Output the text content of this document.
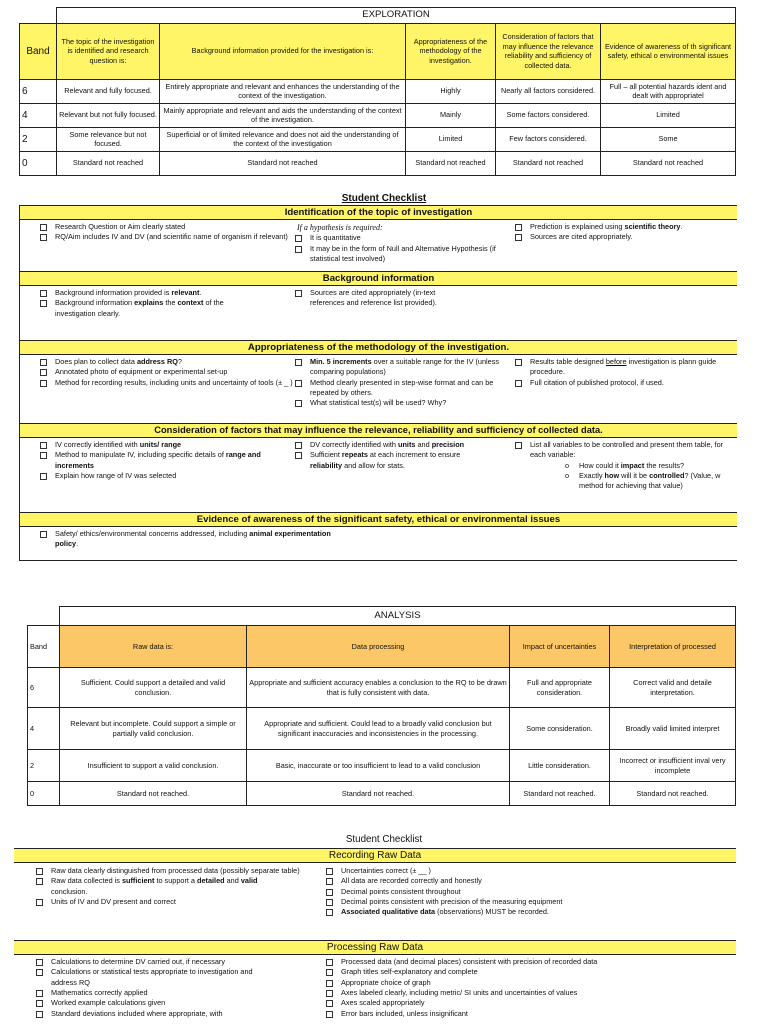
	EXPLORATION				
Band	The topic of the investigation is identified and research question is:	Background information provided for the investigation is:	Appropriateness of the methodology of the investigation.	Consideration of factors that may influence the relevance reliability and sufficiency of collected data.	Evidence of awareness of th significant safety, ethical o environmental issues
6	Relevant and fully focused.	Entirely appropriate and relevant and enhances the understanding of the context of the investigation.	Highly	Nearly all factors considered.	Full – all potential hazards ident and dealt with appropriatel
4	Relevant but not fully focused.	Mainly appropriate and relevant and aids the understanding of the context of the investigation.	Mainly	Some factors considered.	Limited
2	Some relevance but not focused.	Superficial or of limited relevance and does not aid the understanding of the context of the investigation	Limited	Few factors considered.	Some
0	Standard not reached	Standard not reached	Standard not reached	Standard not reached	Standard not reached
Student Checklist
Identification of the topic of investigation
Research Question or Aim clearly stated
RQ/Aim includes IV and DV (and scientific name of organism if relevant)
If a hypothesis is required:
It is quantitative
It may be in the form of Null and Alternative Hypothesis (if statistical test involved)
Prediction is explained using scientific theory.
Sources are cited appropriately.
Background information
Background information provided is relevant.
Background information explains the context of the investigation clearly.
Sources are cited appropriately (in-text references and reference list provided).
Appropriateness of the methodology of the investigation.
Does plan to collect data address RQ?
Annotated photo of equipment or experimental set-up
Method for recording results, including units and uncertainty of tools (± _ )
Min. 5 increments over a suitable range for the IV (unless comparing populations)
Method clearly presented in step-wise format and can be repeated by others.
What statistical test(s) will be used? Why?
Results table designed before investigation is plann guide procedure.
Full citation of published protocol, if used.
Consideration of factors that may influence the relevance, reliability and sufficiency of collected data.
IV correctly identified with units/ range
Method to manipulate IV, including specific details of range and increments
Explain how range of IV was selected
DV correctly identified with units and precision
Sufficient repeats at each increment to ensure reliability and allow for stats.
List all variables to be controlled and present them table, for each variable:
o	How could it impact the results?
o	Exactly how will it be controlled? (Value, w method for achieving that value)
Evidence of awareness of the significant safety, ethical or environmental issues
Safety/ ethics/environmental concerns addressed, including animal experimentation policy.
	ANALYSIS			
Band	Raw data is:	Data processing	Impact of uncertainties	Interpretation of processed
6	Sufficient. Could support a detailed and valid conclusion.	Appropriate and sufficient accuracy enables a conclusion to the RQ to be drawn that is fully consistent with data.	Full and appropriate consideration.	Correct valid and detaile interpretation.
4	Relevant but incomplete. Could support a simple or partially valid conclusion.	Appropriate and sufficient. Could lead to a broadly valid conclusion but significant inaccuracies and inconsistencies in the processing.	Some consideration.	Broadly valid limited interpret
2	Insufficient to support a valid conclusion.	Basic, inaccurate or too insufficient to lead to a valid conclusion	Little consideration.	Incorrect or insufficient inval very incomplete
0	Standard not reached.	Standard not reached.	Standard not reached.	Standard not reached.
Student Checklist
Recording Raw Data
Raw data clearly distinguished from processed data (possibly separate table)
Raw data collected is sufficient to support a detailed and valid conclusion.
Units of IV and DV present and correct
Uncertainties correct (± __ )
All data are recorded correctly and honestly
Decimal points consistent throughout
Decimal points consistent with precision of the measuring equipment
Associated qualitative data (observations) MUST be recorded.
Processing Raw Data
Calculations to determine DV carried out, if necessary
Calculations or statistical tests appropriate to investigation and address RQ
Mathematics correctly applied
Worked example calculations given
Standard deviations included where appropriate, with
Processed data (and decimal places) consistent with precision of recorded data
Graph titles self-explanatory and complete
Appropriate choice of graph
Axes labeled clearly, including metric/ SI units and uncertainties of values
Axes scaled appropriately
Error bars included, unless insignificant
